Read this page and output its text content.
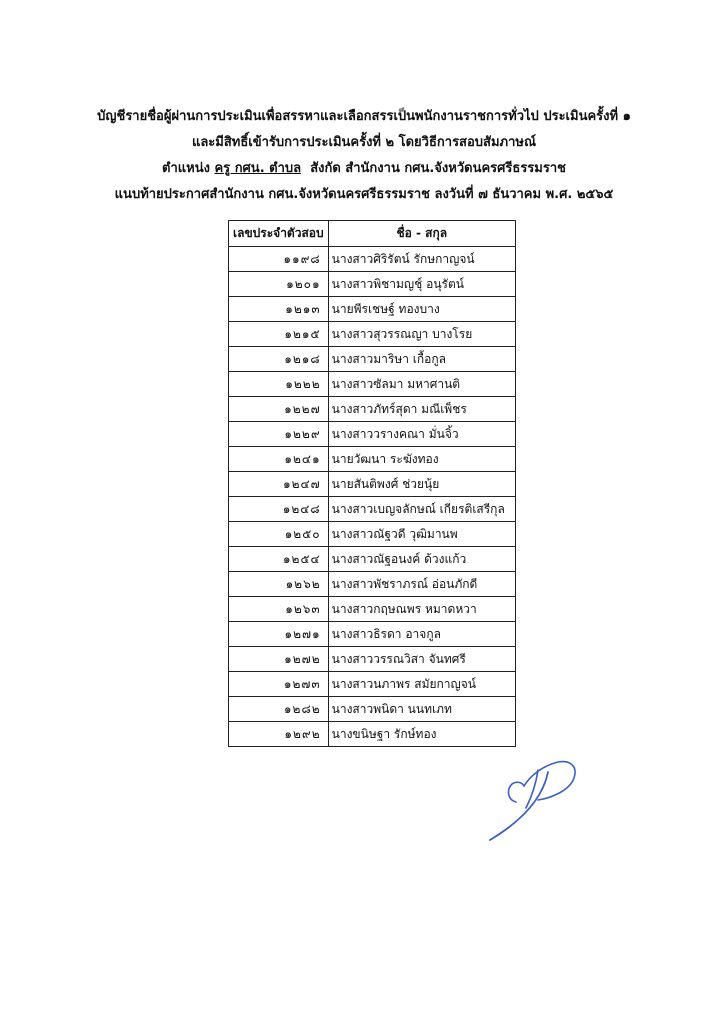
บัญชีรายชื่อผู้ผ่านการประเมินเพื่อสรรหาและเลือกสรรเป็นพนักงานราชการทั่วไป ประเมินครั้งที่ ๑
และมีสิทธิ์เข้ารับการประเมินครั้งที่ ๒ โดยวิธีการสอบสัมภาษณ์
ตำแหน่ง ครู กศน. ตำบล สังกัด สำนักงาน กศน.จังหวัดนครศรีธรรมราช
แนบท้ายประกาศสำนักงาน กศน.จังหวัดนครศรีธรรมราช ลงวันที่ ๗ ธันวาคม พ.ศ. ๒๕๖๕
เลขประจำตัวสอบ	ชื่อ - สกุล
๑๑๙๘	นางสาวศิริรัตน์ รักษกาญจน์
๑๒๐๑	นางสาวพิชามญชุ์ อนุรัตน์
๑๒๑๓	นายพีรเชษฐ์ ทองบาง
๑๒๑๕	นางสาวสุวรรณญา บางโรย
๑๒๑๘	นางสาวมาริษา เกื้อกูล
๑๒๒๒	นางสาวซัลมา มหาศานติ
๑๒๒๗	นางสาวภัทร์สุดา มณีเพ็ชร
๑๒๒๙	นางสาววรางคณา มั่นจิ้ว
๑๒๔๑	นายวัฒนา ระฆังทอง
๑๒๔๗	นายสันติพงศ์ ช่วยนุ้ย
๑๒๔๘	นางสาวเบญจลักษณ์ เกียรติเสรีกุล
๑๒๕๐	นางสาวณัฐวดี วุฒิมานพ
๑๒๕๔	นางสาวณัฐอนงค์ ด้วงแก้ว
๑๒๖๒	นางสาวพัชราภรณ์ อ่อนภักดี
๑๒๖๓	นางสาวกฤษณพร หมาดหวา
๑๒๗๑	นางสาวธิรดา อาจกูล
๑๒๗๒	นางสาววรรณวิสา จันทศรี
๑๒๗๓	นางสาวนภาพร สมัยกาญจน์
๑๒๘๒	นางสาวพนิดา นนทเภท
๑๒๙๒	นางขนิษฐา รักษ์ทอง
